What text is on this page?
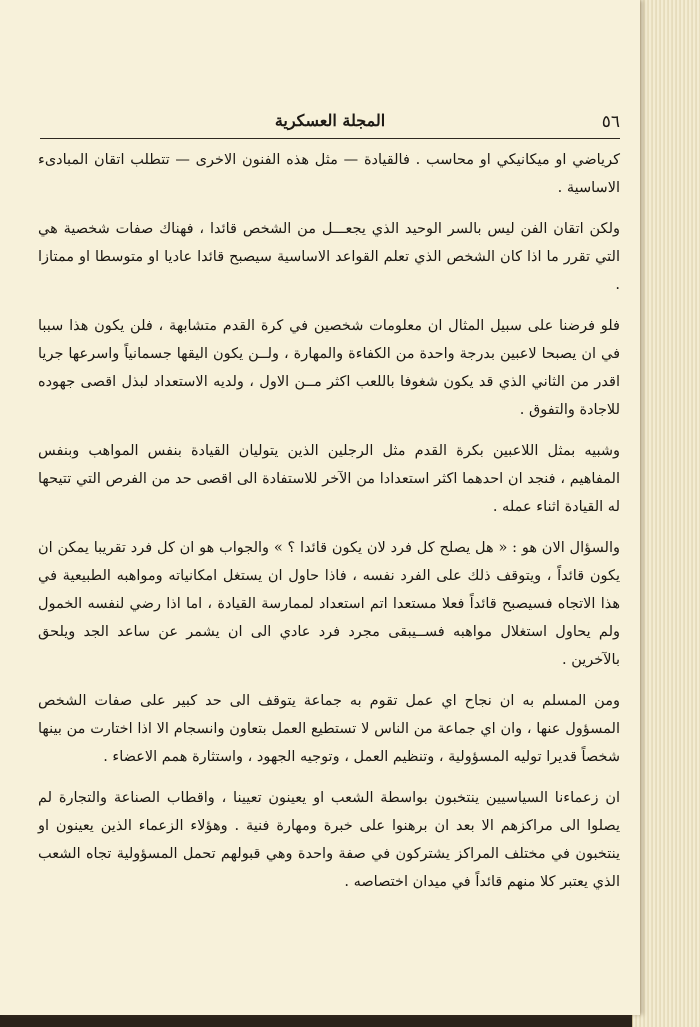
٥٦
المجلة العسكرية

كرياضي او ميكانيكي او محاسب . فالقيادة — مثل هذه الفنون الاخرى — تتطلب اتقان المبادىء الاساسية .

ولكن اتقان الفن ليس بالسر الوحيد الذي يجعـــل من الشخص قائدا ، فهناك صفات شخصية هي التي تقرر ما اذا كان الشخص الذي تعلم القواعد الاساسية سيصبح قائدا عاديا او متوسطا او ممتازا .

فلو فرضنا على سبيل المثال ان معلومات شخصين في كرة القدم متشابهة ، فلن يكون هذا سببا في ان يصبحا لاعبين بدرجة واحدة من الكفاءة والمهارة ، ولــن يكون اليقها جسمانياً واسرعها جريا اقدر من الثاني الذي قد يكون شغوفا باللعب اكثر مــن الاول ، ولديه الاستعداد لبذل اقصى جهوده للاجادة والتفوق .

وشبيه بمثل اللاعبين بكرة القدم مثل الرجلين الذين يتوليان القيادة بنفس المواهب وبنفس المفاهيم ، فنجد ان احدهما اكثر استعدادا من الآخر للاستفادة الى اقصى حد من الفرص التي تتيحها له القيادة اثناء عمله .

والسؤال الان هو : « هل يصلح كل فرد لان يكون قائدا ؟ » والجواب هو ان كل فرد تقريبا يمكن ان يكون قائداً ، ويتوقف ذلك على الفرد نفسه ، فاذا حاول ان يستغل امكانياته ومواهبه الطبيعية في هذا الاتجاه فسيصبح قائداً فعلا مستعدا اتم استعداد لممارسة القيادة ، اما اذا رضي لنفسه الخمول ولم يحاول استغلال مواهبه فســيبقى مجرد فرد عادي الى ان يشمر عن ساعد الجد ويلحق بالآخرين .

ومن المسلم به ان نجاح اي عمل تقوم به جماعة يتوقف الى حد كبير على صفات الشخص المسؤول عنها ، وان اي جماعة من الناس لا تستطيع العمل بتعاون وانسجام الا اذا اختارت من بينها شخصاً قديرا توليه المسؤولية ، وتنظيم العمل ، وتوجيه الجهود ، واستثارة همم الاعضاء .

ان زعماءنا السياسيين ينتخبون بواسطة الشعب او يعينون تعيينا ، واقطاب الصناعة والتجارة لم يصلوا الى مراكزهم الا بعد ان برهنوا على خبرة ومهارة فنية . وهؤلاء الزعماء الذين يعينون او ينتخبون في مختلف المراكز يشتركون في صفة واحدة وهي قبولهم تحمل المسؤولية تجاه الشعب الذي يعتبر كلا منهم قائداً في ميدان اختصاصه .
